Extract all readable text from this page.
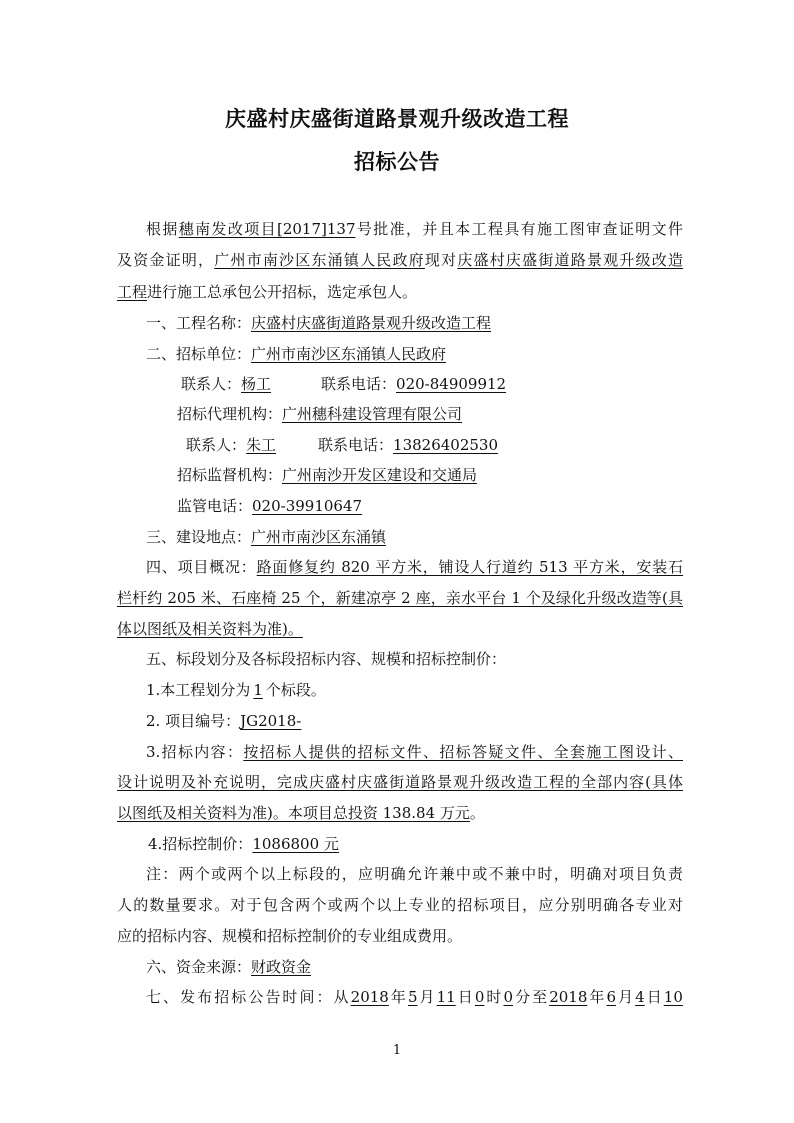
庆盛村庆盛街道路景观升级改造工程
招标公告
根据穗南发改项目[2017]137号批准，并且本工程具有施工图审查证明文件
及资金证明，广州市南沙区东涌镇人民政府现对庆盛村庆盛街道路景观升级改造
工程进行施工总承包公开招标，选定承包人。
一、工程名称：庆盛村庆盛街道路景观升级改造工程
二、招标单位：广州市南沙区东涌镇人民政府
联系人：杨工	联系电话：020-84909912
招标代理机构：广州穗科建设管理有限公司
联系人：朱工	联系电话：13826402530
招标监督机构：广州南沙开发区建设和交通局
监管电话：020-39910647
三、建设地点：广州市南沙区东涌镇
四、项目概况：路面修复约 820 平方米，铺设人行道约 513 平方米，安装石
栏杆约 205 米、石座椅 25 个，新建凉亭 2 座，亲水平台 1 个及绿化升级改造等(具
体以图纸及相关资料为准)。
五、标段划分及各标段招标内容、规模和招标控制价：
1.本工程划分为 1 个标段。
2. 项目编号：JG2018-
3.招标内容：按招标人提供的招标文件、招标答疑文件、全套施工图设计、
设计说明及补充说明，完成庆盛村庆盛街道路景观升级改造工程的全部内容(具体
以图纸及相关资料为准)。本项目总投资 138.84 万元。
4.招标控制价：1086800 元
注：两个或两个以上标段的，应明确允许兼中或不兼中时，明确对项目负责
人的数量要求。对于包含两个或两个以上专业的招标项目，应分别明确各专业对
应的招标内容、规模和招标控制价的专业组成费用。
六、资金来源：财政资金
七、发布招标公告时间：从2018年5月11日0时0分至2018年6月4日10
1
